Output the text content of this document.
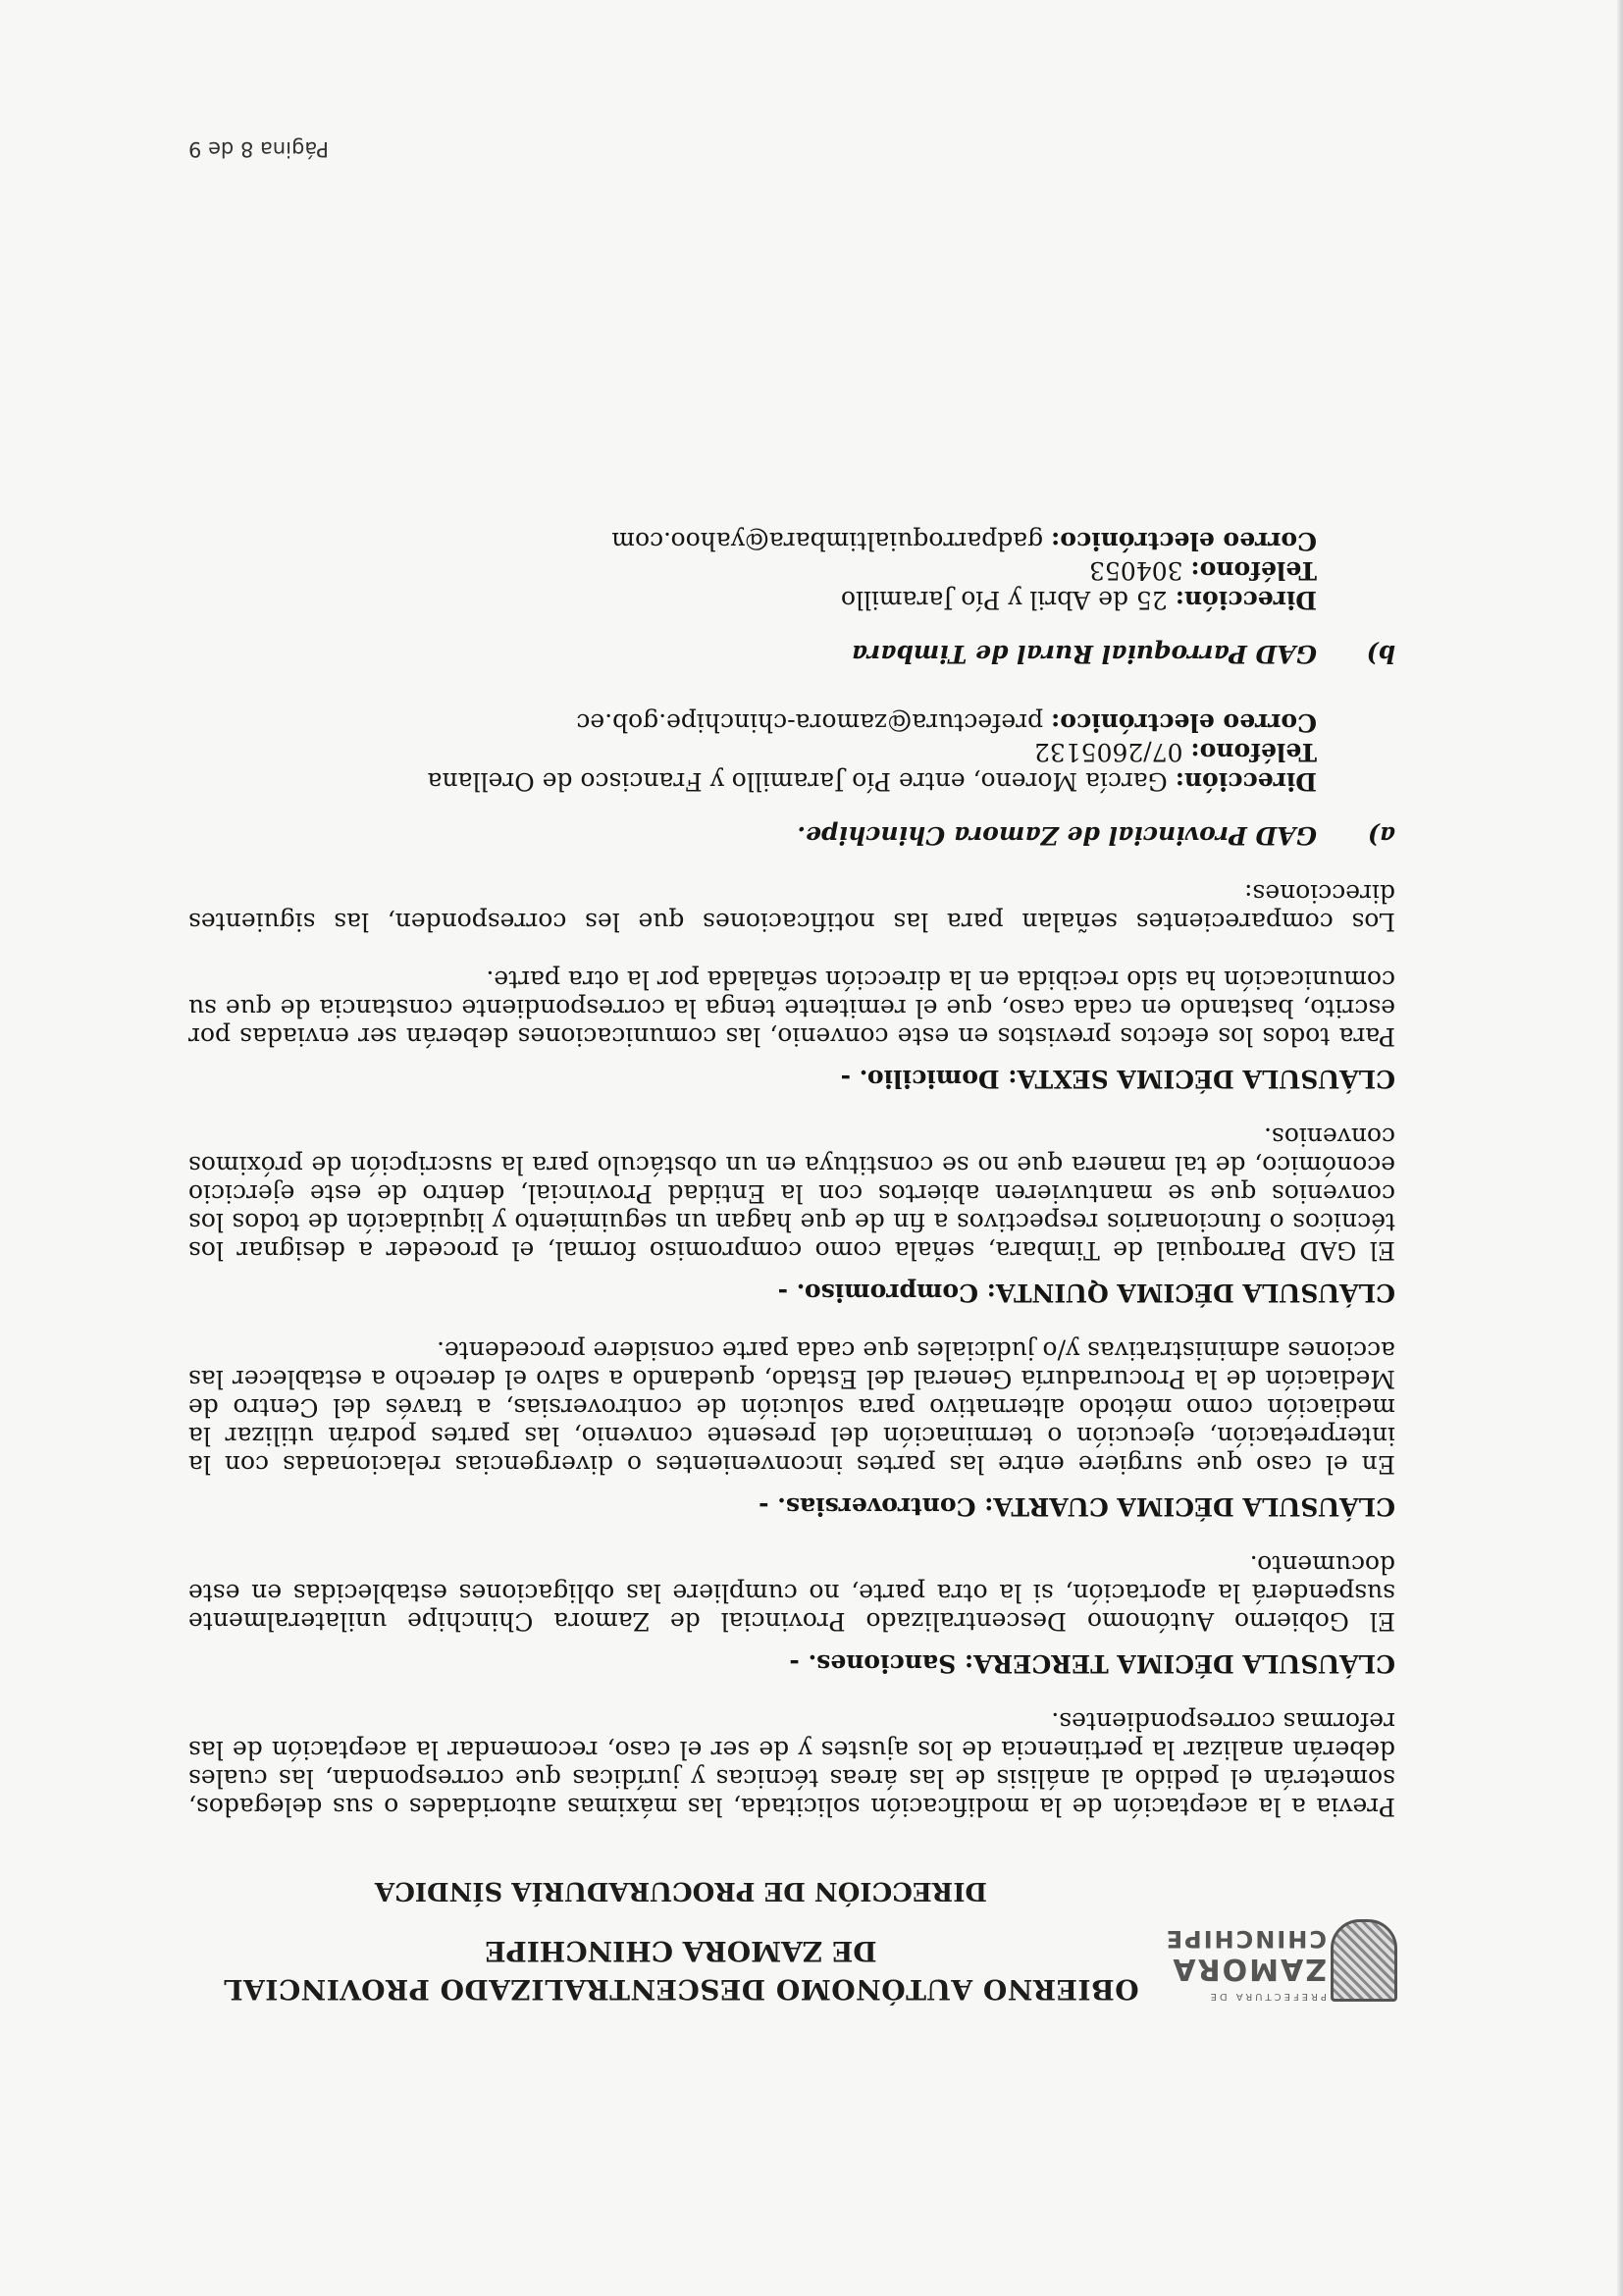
PREFECTURA DE
ZAMORA
CHINCHIPE
OBIERNO AUTÓNOMO DESCENTRALIZADO PROVINCIAL
DE ZAMORA CHINCHIPE
DIRECCIÓN DE PROCURADURÍA SÍNDICA

Previa a la aceptación de la modificación solicitada, las máximas autoridades o sus delegados, someterán el pedido al análisis de las áreas técnicas y jurídicas que correspondan, las cuales deberán analizar la pertinencia de los ajustes y de ser el caso, recomendar la aceptación de las reformas correspondientes.

CLÁUSULA DÉCIMA TERCERA: Sanciones. -

El Gobierno Autónomo Descentralizado Provincial de Zamora Chinchipe unilateralmente suspenderá la aportación, si la otra parte, no cumpliere las obligaciones establecidas en este documento.

CLÁUSULA DÉCIMA CUARTA: Controversias. -

En el caso que surgiere entre las partes inconvenientes o divergencias relacionadas con la interpretación, ejecución o terminación del presente convenio, las partes podrán utilizar la mediación como método alternativo para solución de controversias, a través del Centro de Mediación de la Procuraduría General del Estado, quedando a salvo el derecho a establecer las acciones administrativas y/o judiciales que cada parte considere procedente.

CLÁUSULA DÉCIMA QUINTA: Compromiso. -

El GAD Parroquial de Timbara, señala como compromiso formal, el proceder a designar los técnicos o funcionarios respectivos a fin de que hagan un seguimiento y liquidación de todos los convenios que se mantuvieren abiertos con la Entidad Provincial, dentro de este ejercicio económico, de tal manera que no se constituya en un obstáculo para la suscripción de próximos convenios.

CLÁUSULA DÉCIMA SEXTA: Domicilio. -

Para todos los efectos previstos en este convenio, las comunicaciones deberán ser enviadas por escrito, bastando en cada caso, que el remitente tenga la correspondiente constancia de que su comunicación ha sido recibida en la dirección señalada por la otra parte.

Los comparecientes señalan para las notificaciones que les corresponden, las siguientes direcciones:

a)
GAD Provincial de Zamora Chinchipe.
Dirección: García Moreno, entre Pío Jaramillo y Francisco de Orellana
Teléfono: 07/2605132
Correo electrónico: prefectura@zamora-chinchipe.gob.ec
b)
GAD Parroquial Rural de Timbara
Dirección: 25 de Abril y Pío Jaramillo
Teléfono: 304053
Correo electrónico: gadparroquialtimbara@yahoo.com
Página 8 de 9
